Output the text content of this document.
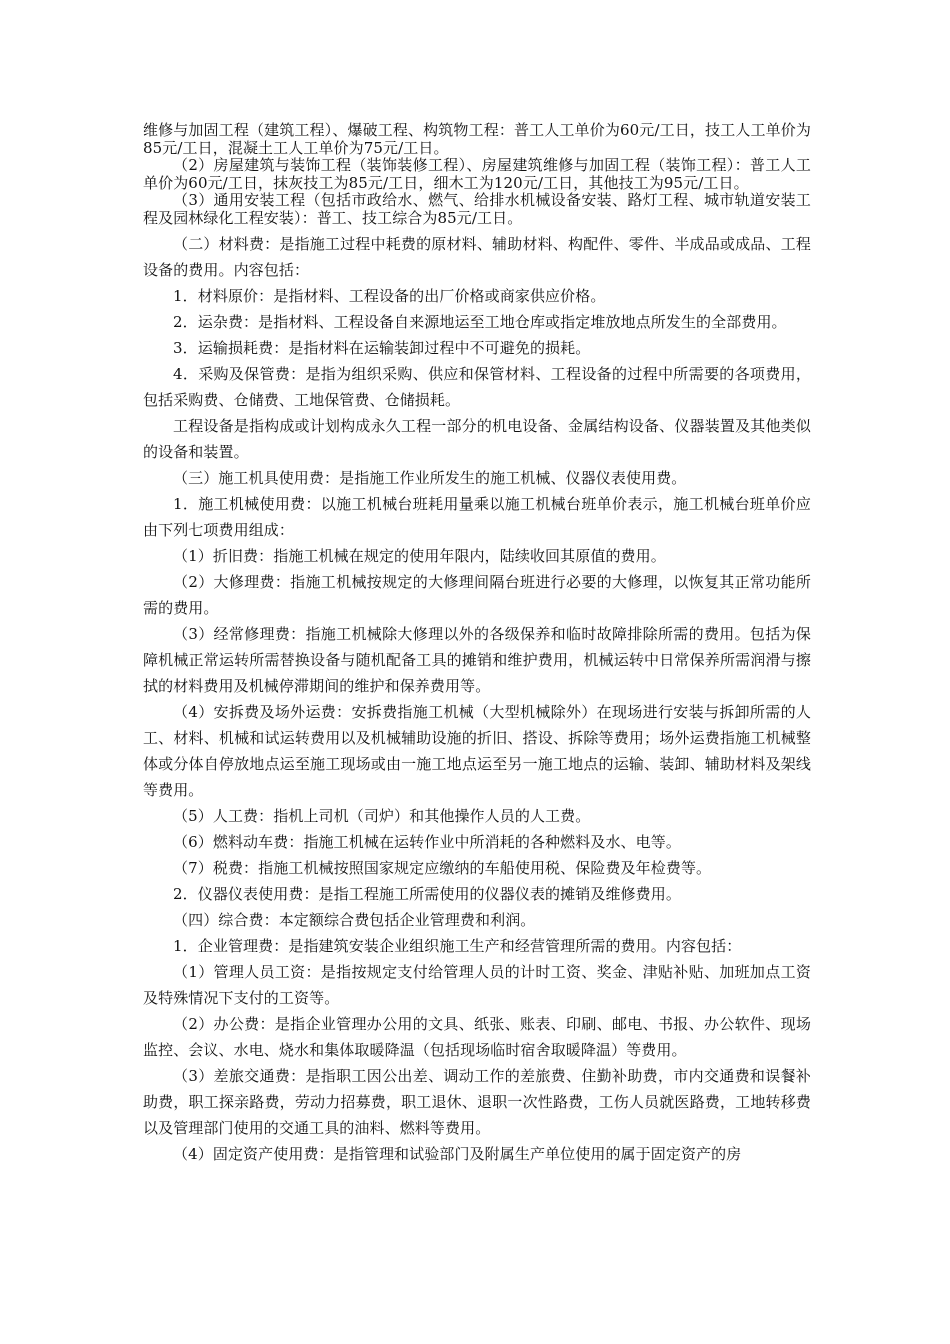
维修与加固工程（建筑工程）、爆破工程、构筑物工程：普工人工单价为60元/工日，技工人工单价为85元/工日，混凝土工人工单价为75元/工日。

（2）房屋建筑与装饰工程（装饰装修工程）、房屋建筑维修与加固工程（装饰工程）：普工人工单价为60元/工日，抹灰技工为85元/工日，细木工为120元/工日，其他技工为95元/工日。

（3）通用安装工程（包括市政给水、燃气、给排水机械设备安装、路灯工程、城市轨道安装工程及园林绿化工程安装）：普工、技工综合为85元/工日。

（二）材料费：是指施工过程中耗费的原材料、辅助材料、构配件、零件、半成品或成品、工程设备的费用。内容包括：

1．材料原价：是指材料、工程设备的出厂价格或商家供应价格。

2．运杂费：是指材料、工程设备自来源地运至工地仓库或指定堆放地点所发生的全部费用。

3．运输损耗费：是指材料在运输装卸过程中不可避免的损耗。

4．采购及保管费：是指为组织采购、供应和保管材料、工程设备的过程中所需要的各项费用，包括采购费、仓储费、工地保管费、仓储损耗。

工程设备是指构成或计划构成永久工程一部分的机电设备、金属结构设备、仪器装置及其他类似的设备和装置。

（三）施工机具使用费：是指施工作业所发生的施工机械、仪器仪表使用费。

1．施工机械使用费：以施工机械台班耗用量乘以施工机械台班单价表示，施工机械台班单价应由下列七项费用组成：

（1）折旧费：指施工机械在规定的使用年限内，陆续收回其原值的费用。

（2）大修理费：指施工机械按规定的大修理间隔台班进行必要的大修理，以恢复其正常功能所需的费用。

（3）经常修理费：指施工机械除大修理以外的各级保养和临时故障排除所需的费用。包括为保障机械正常运转所需替换设备与随机配备工具的摊销和维护费用，机械运转中日常保养所需润滑与擦拭的材料费用及机械停滞期间的维护和保养费用等。

（4）安拆费及场外运费：安拆费指施工机械（大型机械除外）在现场进行安装与拆卸所需的人工、材料、机械和试运转费用以及机械辅助设施的折旧、搭设、拆除等费用；场外运费指施工机械整体或分体自停放地点运至施工现场或由一施工地点运至另一施工地点的运输、装卸、辅助材料及架线等费用。

（5）人工费：指机上司机（司炉）和其他操作人员的人工费。

（6）燃料动车费：指施工机械在运转作业中所消耗的各种燃料及水、电等。

（7）税费：指施工机械按照国家规定应缴纳的车船使用税、保险费及年检费等。

2．仪器仪表使用费：是指工程施工所需使用的仪器仪表的摊销及维修费用。

（四）综合费：本定额综合费包括企业管理费和利润。

1．企业管理费：是指建筑安装企业组织施工生产和经营管理所需的费用。内容包括：

（1）管理人员工资：是指按规定支付给管理人员的计时工资、奖金、津贴补贴、加班加点工资及特殊情况下支付的工资等。

（2）办公费：是指企业管理办公用的文具、纸张、账表、印刷、邮电、书报、办公软件、现场监控、会议、水电、烧水和集体取暖降温（包括现场临时宿舍取暖降温）等费用。

（3）差旅交通费：是指职工因公出差、调动工作的差旅费、住勤补助费，市内交通费和误餐补助费，职工探亲路费，劳动力招募费，职工退休、退职一次性路费，工伤人员就医路费，工地转移费以及管理部门使用的交通工具的油料、燃料等费用。

（4）固定资产使用费：是指管理和试验部门及附属生产单位使用的属于固定资产的房
